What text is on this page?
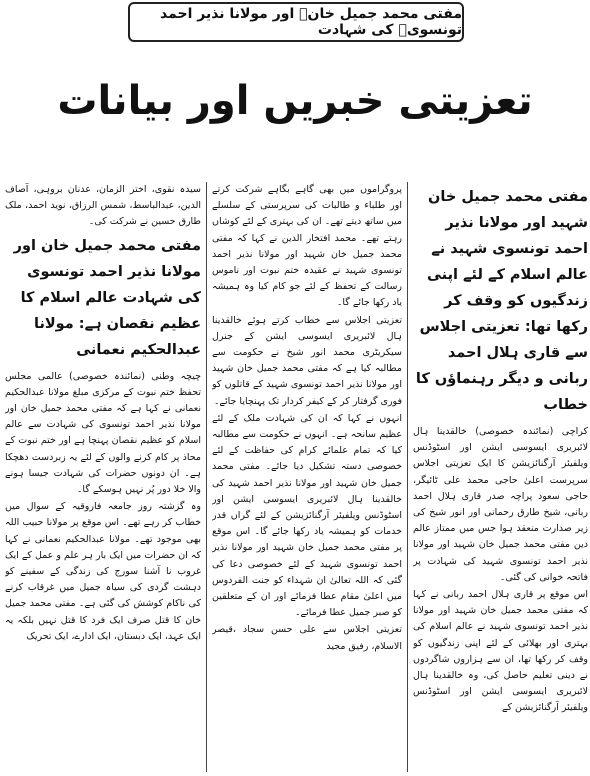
مفتی محمد جمیل خانؒ اور مولانا نذیر احمد تونسویؒ کی شہادت
تعزیتی خبریں اور بیانات
مفتی محمد جمیل خان شہید اور مولانا نذیر احمد تونسوی شہید نے عالم اسلام کے لئے اپنی زندگیوں کو وقف کر رکھا تھا: تعزیتی اجلاس سے قاری ہلال احمد ربانی و دیگر رہنماؤں کا خطاب

کراچی (نمائندہ خصوصی) خالقدینا ہال لائبریری ایسوسی ایشن اور اسٹوڈنس ویلفیئر آرگنائزیشن کا ایک تعزیتی اجلاس سرپرست اعلیٰ حاجی محمد علی ٹائیگر، حاجی سعود پراچہ صدر قاری ہلال احمد ربانی، شیخ طارق رحمانی اور انور شیخ کی زیر صدارت منعقد ہوا جس میں ممتاز عالم دین مفتی محمد جمیل خان شہید اور مولانا نذیر احمد تونسوی شہید کی شہادت پر فاتحہ خوانی کی گئی۔

اس موقع پر قاری ہلال احمد ربانی نے کہا کہ مفتی محمد جمیل خان شہید اور مولانا نذیر احمد تونسوی شہید نے عالم اسلام کی بہتری اور بھلائی کے لئے اپنی زندگیوں کو وقف کر رکھا تھا، ان سے ہزاروں شاگردوں نے دینی تعلیم حاصل کی، وہ خالقدینا ہال لائبریری ایسوسی ایشن اور اسٹوڈنس ویلفیئر آرگنائزیشن کے

پروگراموں میں بھی گاہے بگاہے شرکت کرتے اور طلباء و طالبات کی سرپرستی کے سلسلے میں ساتھ دیتے تھے۔ ان کی بہتری کے لئے کوشاں رہتے تھے۔ محمد افتخار الدین نے کہا کہ مفتی محمد جمیل خان شہید اور مولانا نذیر احمد تونسوی شہید نے عقیدہ ختم نبوت اور ناموس رسالت کے تحفظ کے لئے جو کام کیا وہ ہمیشہ یاد رکھا جائے گا۔

تعزیتی اجلاس سے خطاب کرتے ہوئے خالقدینا ہال لائبریری ایسوسی ایشن کے جنرل سیکریٹری محمد انور شیخ نے حکومت سے مطالبہ کیا ہے کہ مفتی محمد جمیل خان شہید اور مولانا نذیر احمد تونسوی شہید کے قاتلوں کو فوری گرفتار کر کے کیفر کردار تک پہنچایا جائے۔

انہوں نے کہا کہ ان کی شہادت ملک کے لئے عظیم سانحہ ہے۔ انہوں نے حکومت سے مطالبہ کیا کہ تمام علمائے کرام کی حفاظت کے لئے خصوصی دستہ تشکیل دیا جائے۔ مفتی محمد جمیل خان شہید اور مولانا نذیر احمد شہید کی خالقدینا ہال لائبریری ایسوسی ایشن اور اسٹوڈنس ویلفیئر آرگنائزیشن کے لئے گراں قدر خدمات کو ہمیشہ یاد رکھا جائے گا۔ اس موقع پر مفتی محمد جمیل خان شہید اور مولانا نذیر احمد تونسوی شہید کے لئے خصوصی دعا کی گئی کہ اللہ تعالیٰ ان شہداء کو جنت الفردوس میں اعلیٰ مقام عطا فرمائے اور ان کے متعلقین کو صبر جمیل عطا فرمائے۔

تعزیتی اجلاس سے علی حسن سجاد ،قیصر الاسلام، رفیق مجید

سیدہ نقوی، اختر الزمان، عدنان بروہی، آصاف الدین، عبدالباسط، شمس الرزاق، نوید احمد، ملک طارق حسین نے شرکت کی۔

مفتی محمد جمیل خان اور مولانا نذیر احمد تونسوی کی شہادت عالم اسلام کا عظیم نقصان ہے: مولانا عبدالحکیم نعمانی

چیچہ وطنی (نمائندہ خصوصی) عالمی مجلس تحفظ ختم نبوت کے مرکزی مبلغ مولانا عبدالحکیم نعمانی نے کہا ہے کہ مفتی محمد جمیل خان اور مولانا نذیر احمد تونسوی کی شہادت سے عالم اسلام کو عظیم نقصان پہنچا ہے اور ختم نبوت کے محاذ پر کام کرنے والوں کے لئے یہ زبردست دھچکا ہے۔ ان دونوں حضرات کی شہادت جیسا ہونے والا خلا دور پُر نہیں ہوسکے گا۔

وہ گزشتہ روز جامعہ فاروقیہ کے سوال میں خطاب کر رہے تھے۔ اس موقع پر مولانا حبیب اللہ بھی موجود تھے۔ مولانا عبدالحکیم نعمانی نے کہا کہ ان حضرات میں ایک بار ہر علم و عمل کے ایک غروب نا آشنا سورج کی زندگی کے سفینے کو دہشت گردی کی سیاہ جمیل میں غرقاب کرنے کی ناکام کوشش کی گئی ہے۔ مفتی محمد جمیل خان کا قتل صرف ایک فرد کا قتل نہیں بلکہ یہ ایک عہد، ایک دبستان، ایک ادارے، ایک تحریک
